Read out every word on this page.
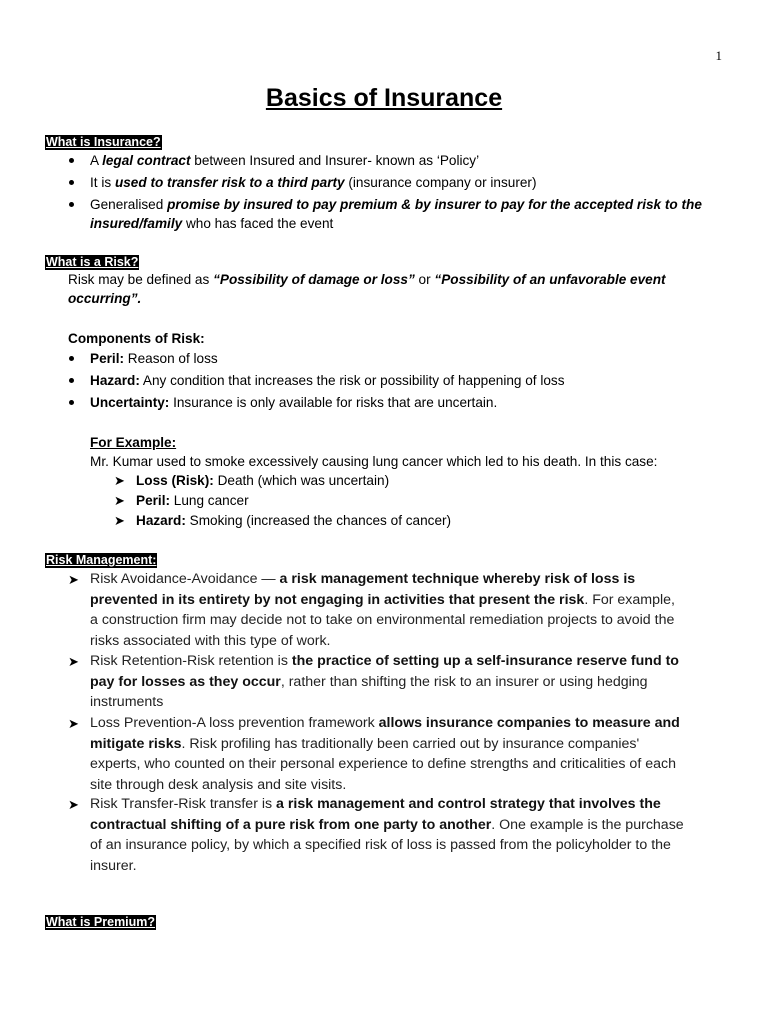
1
Basics of Insurance
What is Insurance?
A legal contract between Insured and Insurer- known as ‘Policy’
It is used to transfer risk to a third party (insurance company or insurer)
Generalised promise by insured to pay premium & by insurer to pay for the accepted risk to the
insured/family who has faced the event
What is a Risk?
Risk may be defined as “Possibility of damage or loss” or “Possibility of an unfavorable event
occurring”.
Components of Risk:
Peril: Reason of loss
Hazard: Any condition that increases the risk or possibility of happening of loss
Uncertainty: Insurance is only available for risks that are uncertain.
For Example:
Mr. Kumar used to smoke excessively causing lung cancer which led to his death. In this case:
➤ Loss (Risk): Death (which was uncertain)
➤ Peril: Lung cancer
➤ Hazard: Smoking (increased the chances of cancer)
Risk Management:
➤ Risk Avoidance-Avoidance — a risk management technique whereby risk of loss is
prevented in its entirety by not engaging in activities that present the risk. For example,
a construction firm may decide not to take on environmental remediation projects to avoid the
risks associated with this type of work.
➤ Risk Retention-Risk retention is the practice of setting up a self-insurance reserve fund to
pay for losses as they occur, rather than shifting the risk to an insurer or using hedging
instruments
➤ Loss Prevention-A loss prevention framework allows insurance companies to measure and
mitigate risks. Risk profiling has traditionally been carried out by insurance companies'
experts, who counted on their personal experience to define strengths and criticalities of each
site through desk analysis and site visits.
➤ Risk Transfer-Risk transfer is a risk management and control strategy that involves the
contractual shifting of a pure risk from one party to another. One example is the purchase
of an insurance policy, by which a specified risk of loss is passed from the policyholder to the
insurer.
What is Premium?
